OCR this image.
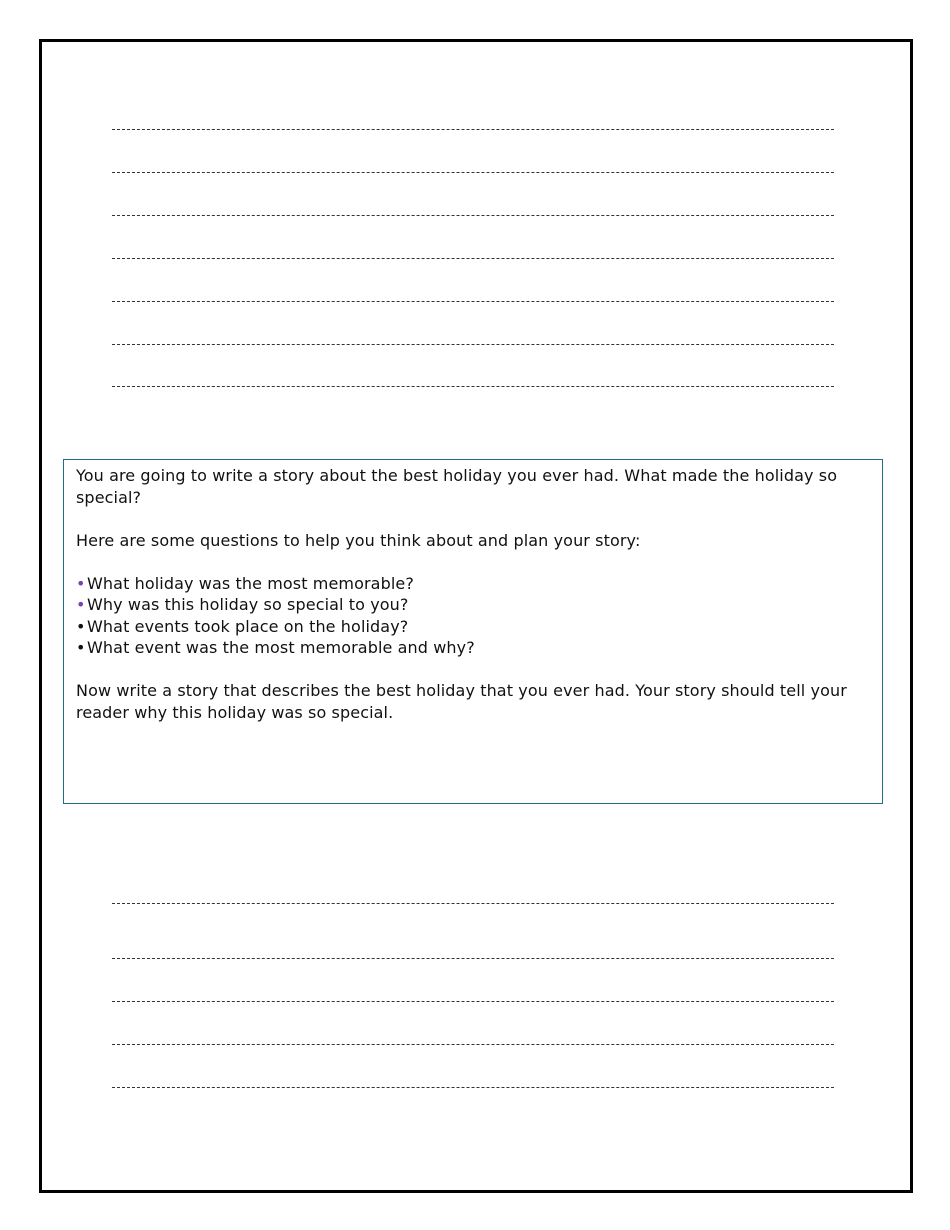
You are going to write a story about the best holiday you ever had. What made the holiday so special?

Here are some questions to help you think about and plan your story:

•What holiday was the most memorable?
•Why was this holiday so special to you?
•What events took place on the holiday?
•What event was the most memorable and why?

Now write a story that describes the best holiday that you ever had. Your story should tell your reader why this holiday was so special.
